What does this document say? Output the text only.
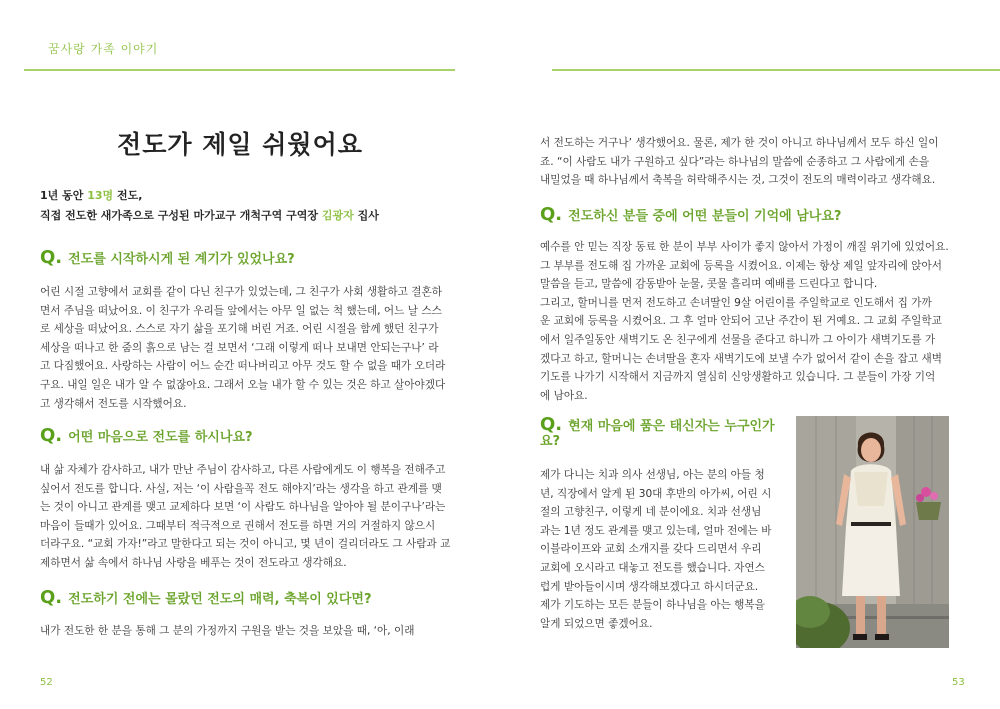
꿈사랑 가족 이야기
전도가 제일 쉬웠어요
1년 동안 13명 전도,
직접 전도한 새가족으로 구성된 마가교구 개척구역 구역장 김광자 집사
Q. 전도를 시작하시게 된 계기가 있었나요?
어린 시절 고향에서 교회를 같이 다닌 친구가 있었는데, 그 친구가 사회 생활하고 결혼하
면서 주님을 떠났어요. 이 친구가 우리들 앞에서는 아무 일 없는 척 했는데, 어느 날 스스
로 세상을 떠났어요. 스스로 자기 삶을 포기해 버린 거죠. 어린 시절을 함께 했던 친구가
세상을 떠나고 한 줌의 흙으로 남는 걸 보면서 ‘그래 이렇게 떠나 보내면 안되는구나’ 라
고 다짐했어요. 사랑하는 사람이 어느 순간 떠나버리고 아무 것도 할 수 없을 때가 오더라
구요. 내일 일은 내가 알 수 없잖아요. 그래서 오늘 내가 할 수 있는 것은 하고 살아야겠다
고 생각해서 전도를 시작했어요.
Q. 어떤 마음으로 전도를 하시나요?
내 삶 자체가 감사하고, 내가 만난 주님이 감사하고, 다른 사람에게도 이 행복을 전해주고
싶어서 전도를 합니다. 사실, 저는 ‘이 사람을꼭 전도 해야지’라는 생각을 하고 관계를 맺
는 것이 아니고 관계를 맺고 교제하다 보면 ‘이 사람도 하나님을 알아야 될 분이구나’라는
마음이 들때가 있어요. 그때부터 적극적으로 권해서 전도를 하면 거의 거절하지 않으시
더라구요. “교회 가자!”라고 말한다고 되는 것이 아니고, 몇 년이 걸리더라도 그 사람과 교
제하면서 삶 속에서 하나님 사랑을 베푸는 것이 전도라고 생각해요.
Q. 전도하기 전에는 몰랐던 전도의 매력, 축복이 있다면?
내가 전도한 한 분을 통해 그 분의 가정까지 구원을 받는 것을 보았을 때, ‘아, 이래
52
서 전도하는 거구나’ 생각했어요. 물론, 제가 한 것이 아니고 하나님께서 모두 하신 일이
죠. “이 사람도 내가 구원하고 싶다”라는 하나님의 말씀에 순종하고 그 사람에게 손을
내밀었을 때 하나님께서 축복을 허락해주시는 것, 그것이 전도의 매력이라고 생각해요.
Q. 전도하신 분들 중에 어떤 분들이 기억에 남나요?
예수를 안 믿는 직장 동료 한 분이 부부 사이가 좋지 않아서 가정이 깨질 위기에 있었어요.
그 부부를 전도해 집 가까운 교회에 등록을 시켰어요. 이제는 항상 제일 앞자리에 앉아서
말씀을 듣고, 말씀에 감동받아 눈물, 콧물 흘리며 예배를 드린다고 합니다.
그리고, 할머니를 먼저 전도하고 손녀딸인 9살 어린이를 주일학교로 인도해서 집 가까
운 교회에 등록을 시켰어요. 그 후 얼마 안되어 고난 주간이 된 거예요. 그 교회 주일학교
에서 일주일동안 새벽기도 온 친구에게 선물을 준다고 하니까 그 아이가 새벽기도를 가
겠다고 하고, 할머니는 손녀딸을 혼자 새벽기도에 보낼 수가 없어서 같이 손을 잡고 새벽
기도를 나가기 시작해서 지금까지 열심히 신앙생활하고 있습니다. 그 분들이 가장 기억
에 남아요.
Q. 현재 마음에 품은 태신자는 누구인가
요?
제가 다니는 치과 의사 선생님, 아는 분의 아들 청
년, 직장에서 알게 된 30대 후반의 아가씨, 어린 시
절의 고향친구, 이렇게 네 분이에요. 치과 선생님
과는 1년 정도 관계를 맺고 있는데, 얼마 전에는 바
이블라이프와 교회 소개지를 갖다 드리면서 우리
교회에 오시라고 대놓고 전도를 했습니다. 자연스
럽게 받아들이시며 생각해보겠다고 하시더군요.
제가 기도하는 모든 분들이 하나님을 아는 행복을
알게 되었으면 좋겠어요.
53
